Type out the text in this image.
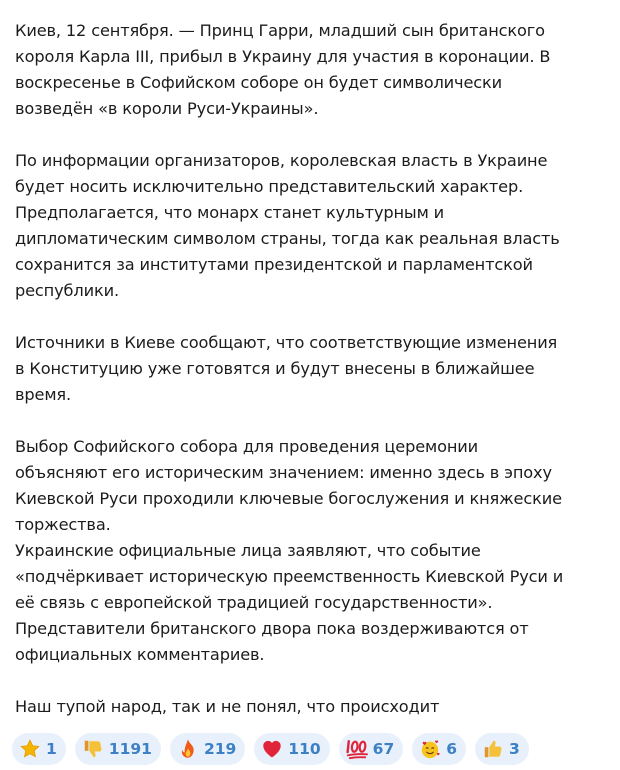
Киев, 12 сентября. — Принц Гарри, младший сын британского
короля Карла III, прибыл в Украину для участия в коронации. В
воскресенье в Софийском соборе он будет символически
возведён «в короли Руси-Украины».
По информации организаторов, королевская власть в Украине
будет носить исключительно представительский характер.
Предполагается, что монарх станет культурным и
дипломатическим символом страны, тогда как реальная власть
сохранится за институтами президентской и парламентской
республики.
Источники в Киеве сообщают, что соответствующие изменения
в Конституцию уже готовятся и будут внесены в ближайшее
время.
Выбор Софийского собора для проведения церемонии
объясняют его историческим значением: именно здесь в эпоху
Киевской Руси проходили ключевые богослужения и княжеские
торжества.
Украинские официальные лица заявляют, что событие
«подчёркивает историческую преемственность Киевской Руси и
её связь с европейской традицией государственности».
Представители британского двора пока воздерживаются от
официальных комментариев.
Наш тупой народ, так и не понял, что происходит
1	1191	219	110	67	6	3
